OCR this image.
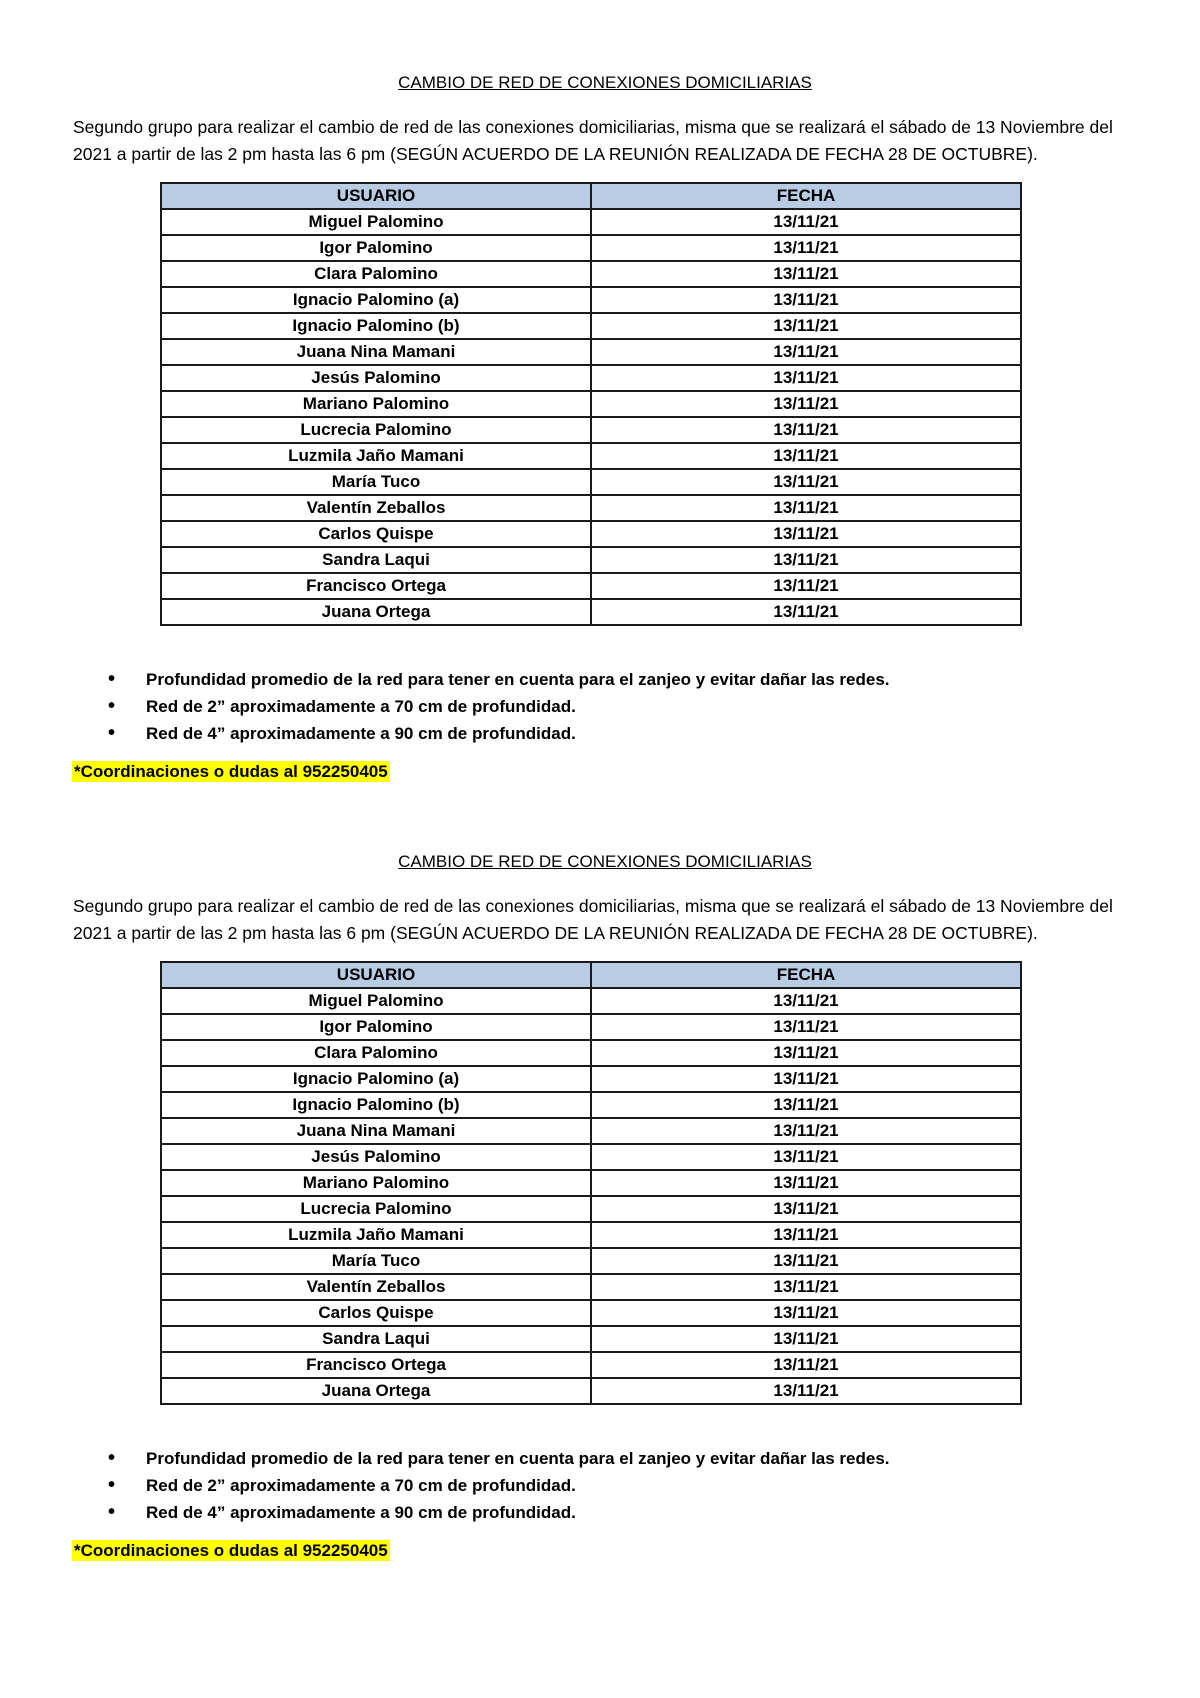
CAMBIO DE RED DE CONEXIONES DOMICILIARIAS

Segundo grupo para realizar el cambio de red de las conexiones domiciliarias, misma que se realizará el sábado de 13 Noviembre del 2021 a partir de las 2 pm hasta las 6 pm (SEGÚN ACUERDO DE LA REUNIÓN REALIZADA DE FECHA 28 DE OCTUBRE).

USUARIO	FECHA
Miguel Palomino	13/11/21
Igor Palomino	13/11/21
Clara Palomino	13/11/21
Ignacio Palomino (a)	13/11/21
Ignacio Palomino (b)	13/11/21
Juana Nina Mamani	13/11/21
Jesús Palomino	13/11/21
Mariano Palomino	13/11/21
Lucrecia Palomino	13/11/21
Luzmila Jaño Mamani	13/11/21
María Tuco	13/11/21
Valentín Zeballos	13/11/21
Carlos Quispe	13/11/21
Sandra Laqui	13/11/21
Francisco Ortega	13/11/21
Juana Ortega	13/11/21
• Profundidad promedio de la red para tener en cuenta para el zanjeo y evitar dañar las redes.
• Red de 2” aproximadamente a 70 cm de profundidad.
• Red de 4” aproximadamente a 90 cm de profundidad.

*Coordinaciones o dudas al 952250405

CAMBIO DE RED DE CONEXIONES DOMICILIARIAS

Segundo grupo para realizar el cambio de red de las conexiones domiciliarias, misma que se realizará el sábado de 13 Noviembre del 2021 a partir de las 2 pm hasta las 6 pm (SEGÚN ACUERDO DE LA REUNIÓN REALIZADA DE FECHA 28 DE OCTUBRE).

USUARIO	FECHA
Miguel Palomino	13/11/21
Igor Palomino	13/11/21
Clara Palomino	13/11/21
Ignacio Palomino (a)	13/11/21
Ignacio Palomino (b)	13/11/21
Juana Nina Mamani	13/11/21
Jesús Palomino	13/11/21
Mariano Palomino	13/11/21
Lucrecia Palomino	13/11/21
Luzmila Jaño Mamani	13/11/21
María Tuco	13/11/21
Valentín Zeballos	13/11/21
Carlos Quispe	13/11/21
Sandra Laqui	13/11/21
Francisco Ortega	13/11/21
Juana Ortega	13/11/21
• Profundidad promedio de la red para tener en cuenta para el zanjeo y evitar dañar las redes.
• Red de 2” aproximadamente a 70 cm de profundidad.
• Red de 4” aproximadamente a 90 cm de profundidad.

*Coordinaciones o dudas al 952250405
